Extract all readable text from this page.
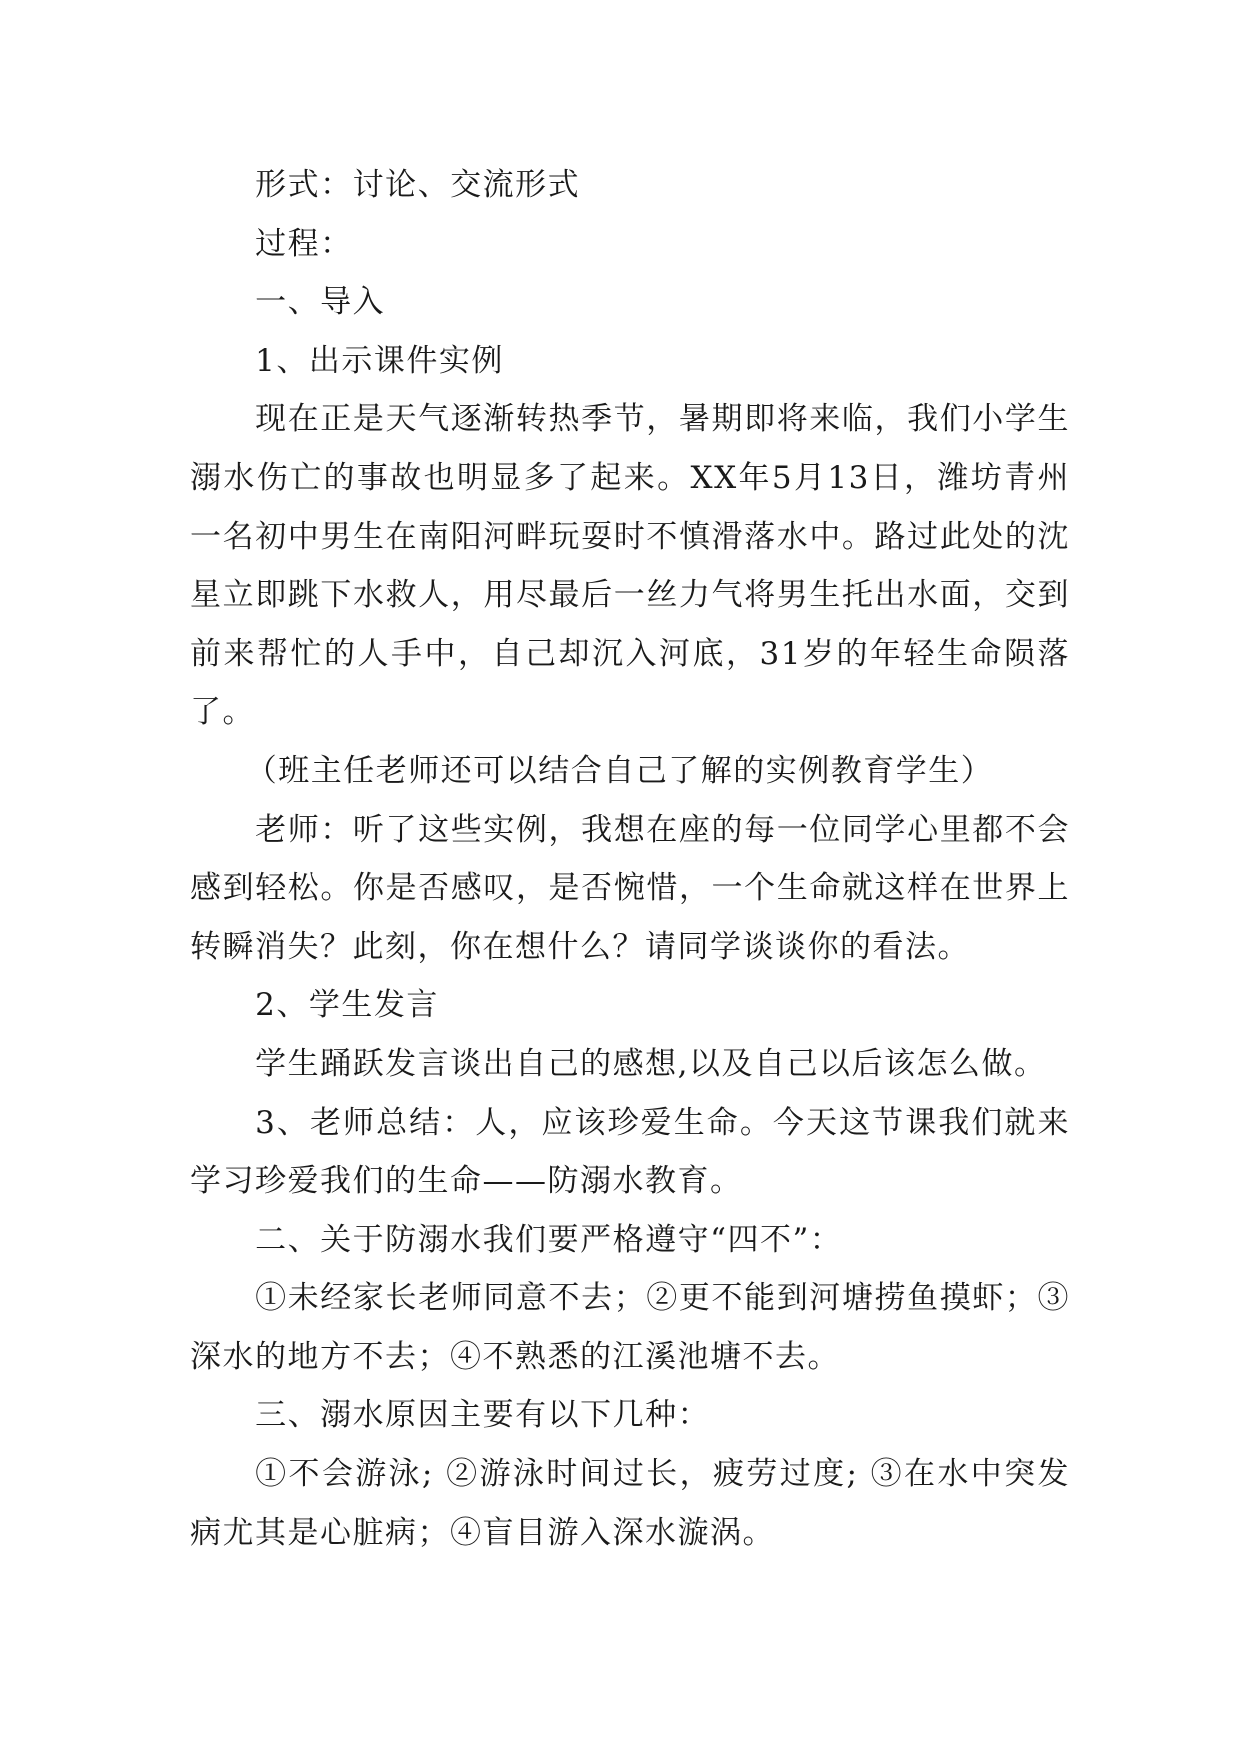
形式：讨论、交流形式

过程：

一、导入

1、出示课件实例

现在正是天气逐渐转热季节，暑期即将来临，我们小学生溺水伤亡的事故也明显多了起来。XX年5月13日，潍坊青州一名初中男生在南阳河畔玩耍时不慎滑落水中。路过此处的沈星立即跳下水救人，用尽最后一丝力气将男生托出水面，交到前来帮忙的人手中，自己却沉入河底，31岁的年轻生命陨落了。

（班主任老师还可以结合自己了解的实例教育学生）

老师：听了这些实例，我想在座的每一位同学心里都不会感到轻松。你是否感叹，是否惋惜，一个生命就这样在世界上转瞬消失？此刻，你在想什么？请同学谈谈你的看法。

2、学生发言

学生踊跃发言谈出自己的感想,以及自己以后该怎么做。

3、老师总结：人，应该珍爱生命。今天这节课我们就来学习珍爱我们的生命——防溺水教育。

二、关于防溺水我们要严格遵守“四不”：

①未经家长老师同意不去；②更不能到河塘捞鱼摸虾；③深水的地方不去；④不熟悉的江溪池塘不去。

三、溺水原因主要有以下几种：

①不会游泳; ②游泳时间过长，疲劳过度; ③在水中突发病尤其是心脏病；④盲目游入深水漩涡。
